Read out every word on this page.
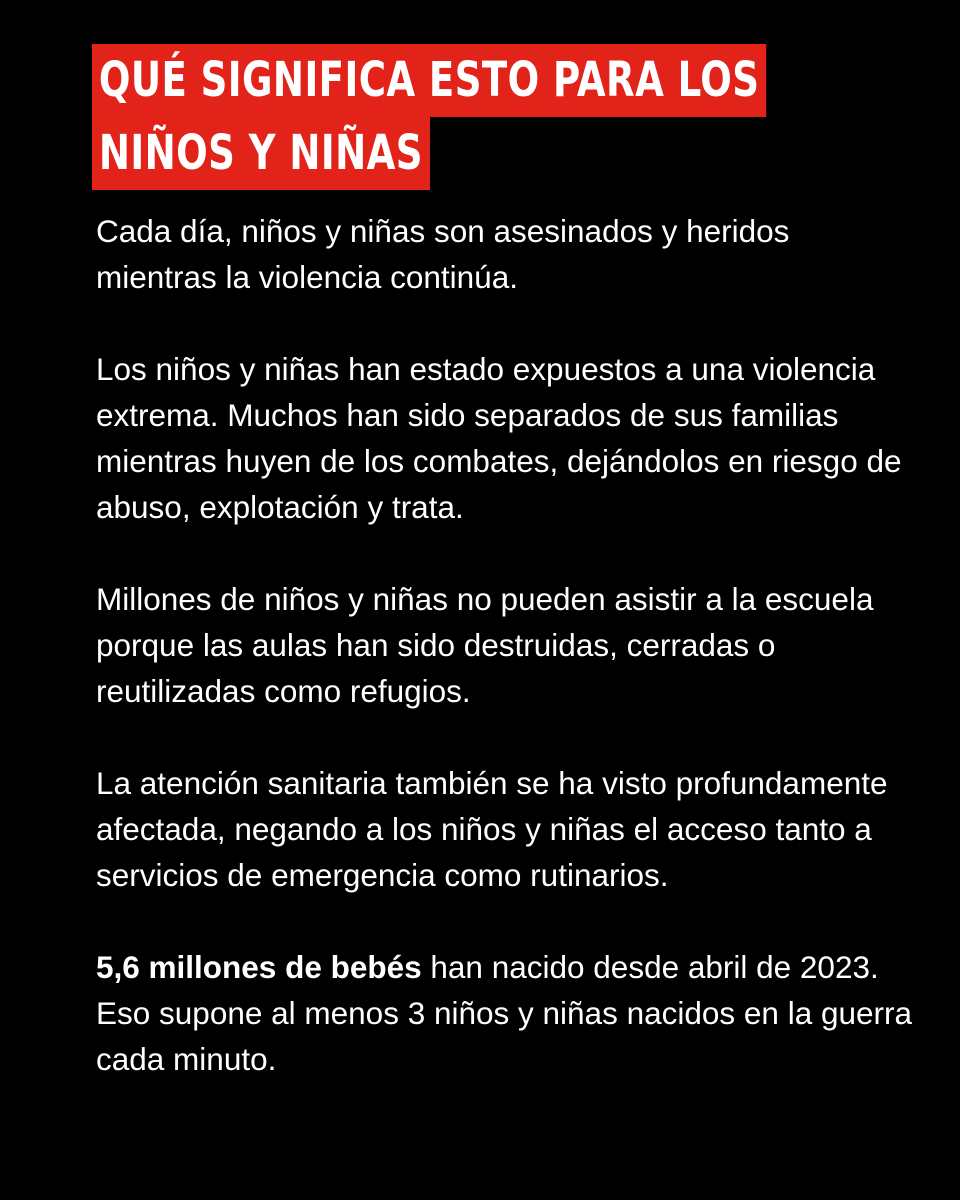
QUÉ SIGNIFICA ESTO PARA LOS
NIÑOS Y NIÑAS

Cada día, niños y niñas son asesinados y heridos mientras la violencia continúa.

Los niños y niñas han estado expuestos a una violencia extrema. Muchos han sido separados de sus familias mientras huyen de los combates, dejándolos en riesgo de abuso, explotación y trata.

Millones de niños y niñas no pueden asistir a la escuela porque las aulas han sido destruidas, cerradas o reutilizadas como refugios.

La atención sanitaria también se ha visto profundamente afectada, negando a los niños y niñas el acceso tanto a servicios de emergencia como rutinarios.

5,6 millones de bebés han nacido desde abril de 2023. Eso supone al menos 3 niños y niñas nacidos en la guerra cada minuto.
